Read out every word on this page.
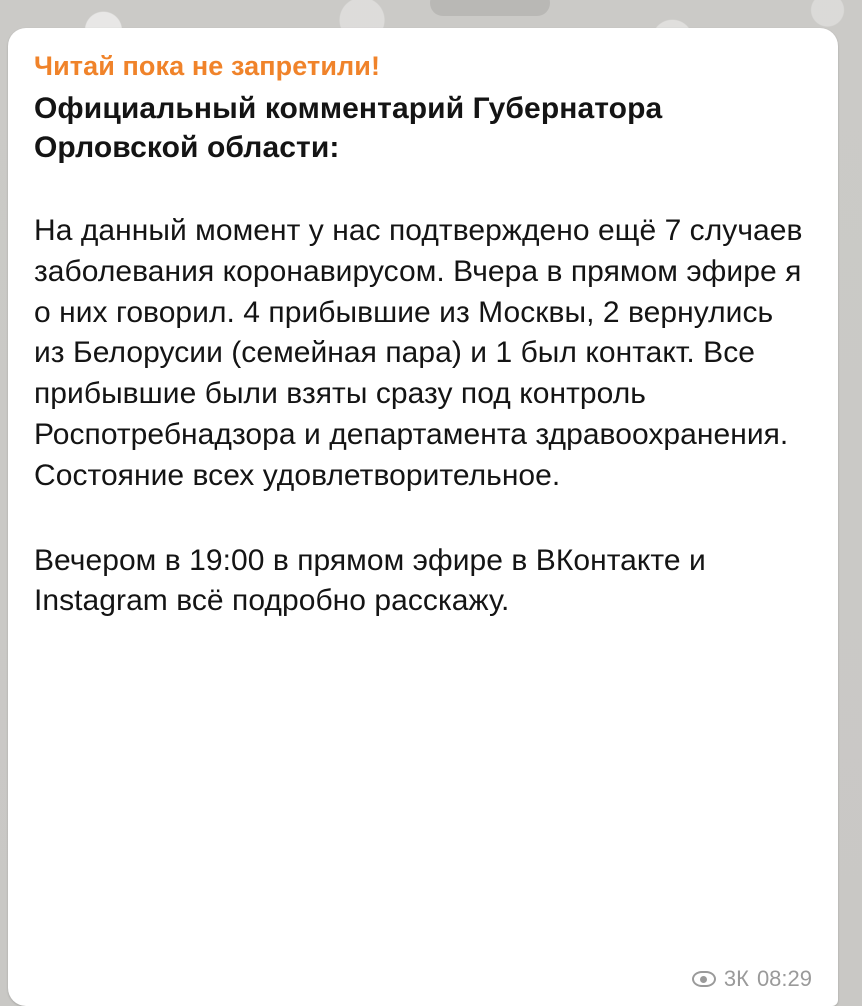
Читай пока не запретили!

Официальный комментарий Губернатора Орловской области:

На данный момент у нас подтверждено ещё 7 случаев заболевания коронавирусом. Вчера в прямом эфире я о них говорил. 4 прибывшие из Москвы, 2 вернулись из Белорусии (семейная пара) и 1 был контакт. Все прибывшие были взяты сразу под контроль Роспотребнадзора и департамента здравоохранения. Состояние всех удовлетворительное.

Вечером в 19:00 в прямом эфире в ВКонтакте и Instagram всё подробно расскажу.

3К 08:29
